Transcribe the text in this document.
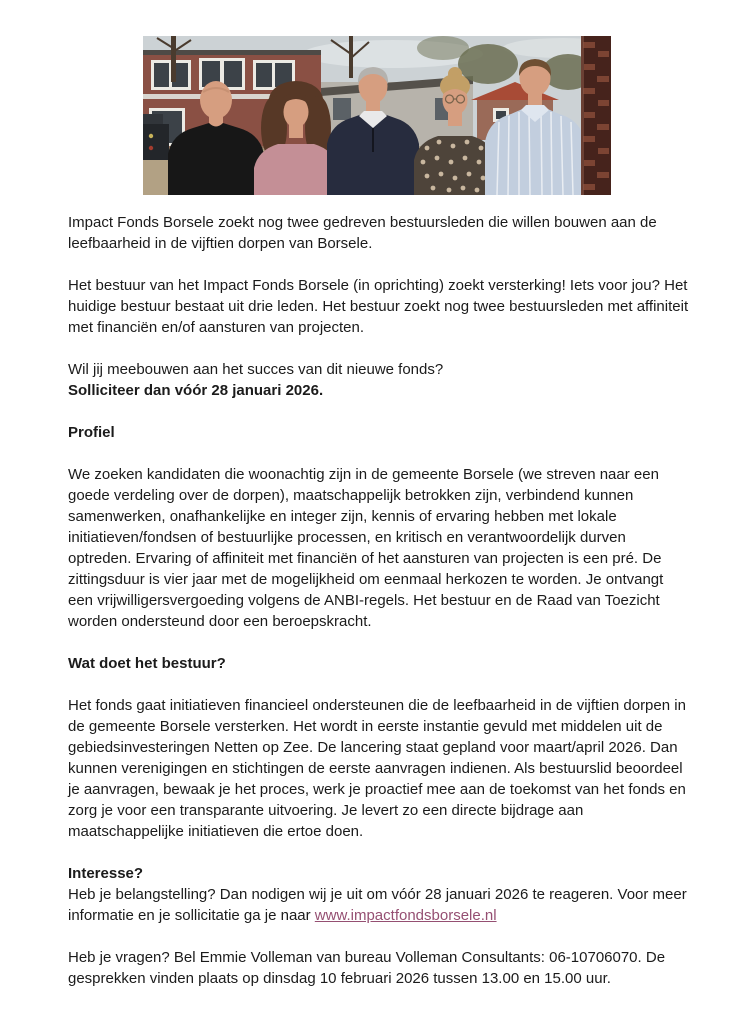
Impact Fonds Borsele zoekt nog twee gedreven bestuursleden die willen bouwen aan de leefbaarheid in de vijftien dorpen van Borsele.

Het bestuur van het Impact Fonds Borsele (in oprichting) zoekt versterking! Iets voor jou? Het huidige bestuur bestaat uit drie leden. Het bestuur zoekt nog twee bestuursleden met affiniteit met financiën en/of aansturen van projecten.

Wil jij meebouwen aan het succes van dit nieuwe fonds?
Solliciteer dan vóór 28 januari 2026.

Profiel

We zoeken kandidaten die woonachtig zijn in de gemeente Borsele (we streven naar een goede verdeling over de dorpen), maatschappelijk betrokken zijn, verbindend kunnen samenwerken, onafhankelijke en integer zijn, kennis of ervaring hebben met lokale initiatieven/fondsen of bestuurlijke processen, en kritisch en verantwoordelijk durven optreden. Ervaring of affiniteit met financiën of het aansturen van projecten is een pré. De zittingsduur is vier jaar met de mogelijkheid om eenmaal herkozen te worden. Je ontvangt een vrijwilligersvergoeding volgens de ANBI-regels. Het bestuur en de Raad van Toezicht worden ondersteund door een beroepskracht.

Wat doet het bestuur?

Het fonds gaat initiatieven financieel ondersteunen die de leefbaarheid in de vijftien dorpen in de gemeente Borsele versterken. Het wordt in eerste instantie gevuld met middelen uit de gebiedsinvesteringen Netten op Zee. De lancering staat gepland voor maart/april 2026. Dan kunnen verenigingen en stichtingen de eerste aanvragen indienen. Als bestuurslid beoordeel je aanvragen, bewaak je het proces, werk je proactief mee aan de toekomst van het fonds en zorg je voor een transparante uitvoering. Je levert zo een directe bijdrage aan maatschappelijke initiatieven die ertoe doen.

Interesse?

Heb je belangstelling? Dan nodigen wij je uit om vóór 28 januari 2026 te reageren. Voor meer informatie en je sollicitatie ga je naar www.impactfondsborsele.nl

Heb je vragen? Bel Emmie Volleman van bureau Volleman Consultants: 06-10706070. De gesprekken vinden plaats op dinsdag 10 februari 2026 tussen 13.00 en 15.00 uur.
